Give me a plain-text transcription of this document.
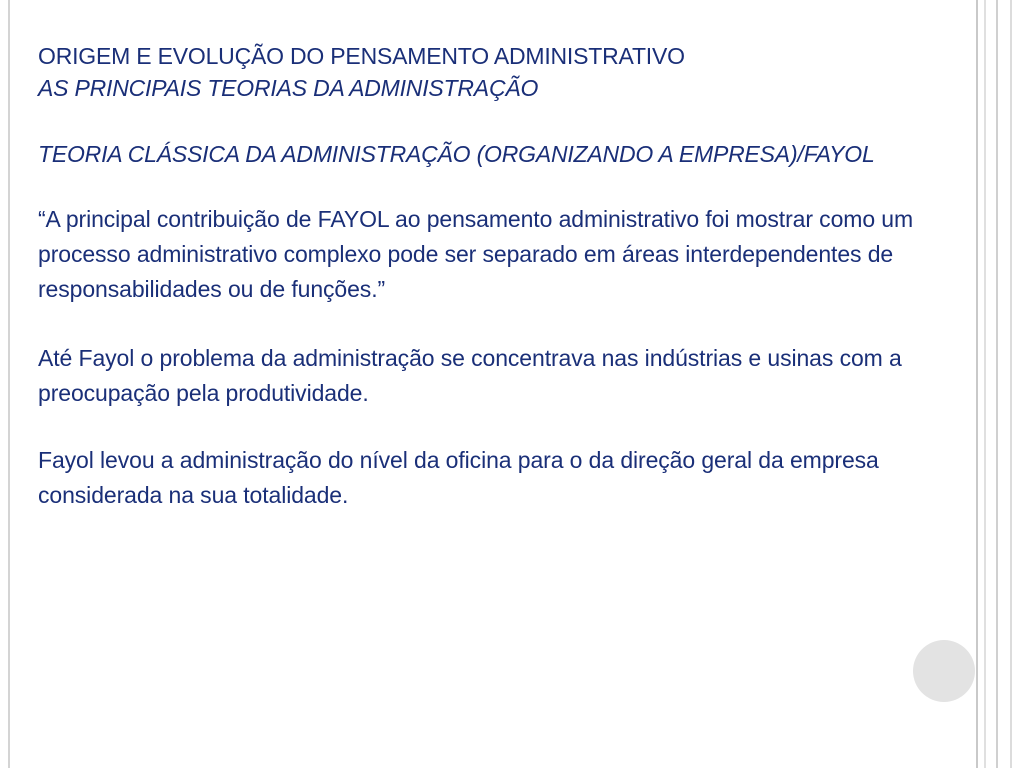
ORIGEM E EVOLUÇÃO DO PENSAMENTO ADMINISTRATIVO
AS PRINCIPAIS TEORIAS DA ADMINISTRAÇÃO
TEORIA CLÁSSICA DA ADMINISTRAÇÃO (ORGANIZANDO A EMPRESA)/FAYOL

“A principal contribuição de FAYOL ao pensamento administrativo foi mostrar como um processo administrativo complexo pode ser separado em áreas interdependentes de responsabilidades ou de funções.”

Até Fayol o problema da administração se concentrava nas indústrias e usinas com a preocupação pela produtividade.

Fayol levou a administração do nível da oficina para o da direção geral da empresa considerada na sua totalidade.
